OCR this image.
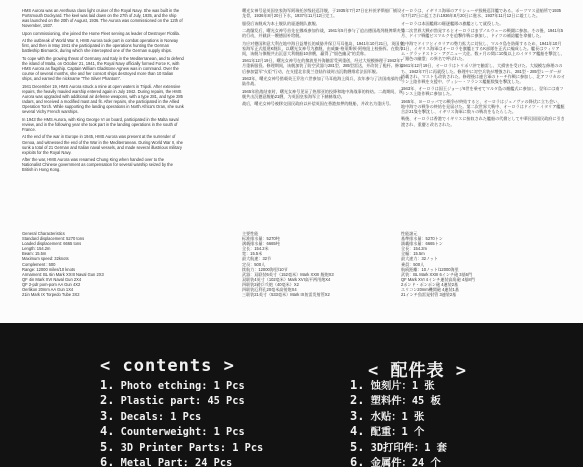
HMS Aurora was an Arethusa class light cruiser of the Royal Navy. She was built in the Portsmouth Dockyard. The keel was laid down on the 27th of July, 1935, and the ship was launched on the 20th of August, 1936. The Aurora was commissioned on the 12th of November, 1937.

Upon commissioning, she joined the Home Fleet serving as leader of Destroyer Flotilla.

At the outbreak of World War II, HMS Aurora took part in combat operations in Norway first, and then in May 1941 she participated in the operations hunting the German battleship Bismarck, during which she intercepted one of the German supply ships.

To cope with the growing threat of Germany and Italy in the Mediterranean, and to defend the island of Malta, on October 21, 1941, the Royal Navy officially formed Force K, with HMS Aurora as flagship. Captain William Gladstone Agnew was in command. Over the course of several months, she and her consort ships destroyed more than 10 Italian ships, and earned the nickname "The Silver Phantom".

1941 December 19, HMS Aurora struck a mine at open waters in Tripoli. After extensive repairs, the heavily mauled warship entered again in July 1942. During repairs, the HMS Aurora was upgraded with additional air defense weapons, with a type 281, and type 285 radars, and received a modified mast and fit. After repairs, she participated in the Allied Operation Torch. While supporting the landing operations in North Africa's Oran, she sunk several Vichy French warships.

In 1943 the HMS Aurora, with King George VI on board, participated in the Malta naval review, and in the following year she took part in the landing operations in the south of France.

At the end of the war in Europe in 1945, HMS Aurora was present at the surrender of Genoa, and witnessed the end of the War in the Mediterranean. During World War II, she sunk a total of 21 German and Italian naval vessels, and made several illustrious military exploits for the Royal Navy.

After the war, HMS Aurora was renamed Chung King when handed over to the Nationalist Chinese government as compensation for several warship seized by the British in Hong Kong.

曙光女神号是英国皇家海军阿瑞托莎级轻巡洋舰，于1935年7月27日在朴茨茅斯船厂铺设龙骨，1936年8月20日下水，1937年11月12日完工。

服役后该舰成为本土舰队的驱逐舰队旗舰。

二战爆发后，曙光女神号首先在挪威参加作战，1941年5月参与了追击德国战列舰俾斯麦号的行动，并截获一艘德国补给舰。

为应对德国和意大利在地中海日益增长的威胁并保卫马耳他岛，1941年10月21日，英国皇家海军正式组建K舰队，以曙光女神号为旗舰，由威廉·格莱斯顿·阿格纽上校指挥。在数月间，该舰与僚舰共击沉意大利舰船10余艘，赢得了"银色幽灵"的美称。

1941年12月19日，曙光女神号在的黎波里外海触雷受到重创，经过大规模修理于1942年7月重新服役。修理期间，该舰加装了防空武器与281型、285型雷达，并改装了桅杆。修复后参加盟军"火炬"行动，在支援北非奥兰登陆作战时击沉数艘维希法国军舰。

1943年，曙光女神号搭载英王乔治六世参加了马耳他海上阅兵，次年参与了法国南部的登陆作战。

1945年欧战结束时，曙光女神号见证了热那亚的投降和地中海战事的终结。二战期间，该舰共击沉德意舰船21艘，为英国皇家海军立下赫赫战功。

战后，曙光女神号被移交国民政府以补偿英国在香港扣押的舰船，并改名为重庆号。

オーロラは、イギリス海軍のアリシューザ級軽巡洋艦である。ポーツマス造船所で1935年7月27日に起工され1936年8月20日に進水、1937年11月12日に竣工した。

オーロラは本国艦隊の駆逐艦隊の旗艦として就役した。

第二次世界大戦が勃発するとオーロラはまずノルウェーの戦闘に参加。その後、1941年5月、ドイツ戦艦ビスマルクを追撃作戦に参加し、ドイツの補給艦を拿捕した。

地中海でドイツとイタリアの勢力拡大に対抗し、マルタ島を防衛するため、1941年10月21日、イギリス海軍はオーロラを旗艦とするK部隊を正式に編成した。艦長はウィリアム・グラッドストン・アグニュー大佐。数ヶ月の間に10隻以上のイタリア艦船を撃沈し、「銀色の幽霊」の異名で呼ばれた。

1941年12月19日、オーロラはトリポリ沖で触雷し、大損害を受けた。大規模な修理ののち、1942年7月に再就役した。修理中に対空兵装が増強され、281型・285型レーダーが搭載され、マストも改装された。修理後は連合軍のトーチ作戦に参加し、北アフリカのオラン上陸作戦を支援中、ヴィシー・フランス艦艇数隻を撃沈した。

1943年、オーロラは国王ジョージ6世を乗せてマルタ島の観艦式に参加し、翌年には南フランス上陸作戦に参加した。

1945年、ヨーロッパでの戦争が終結すると、オーロラはジェノヴァの降伏に立ち会い、地中海での戦争の終結を見届けた。第二次世界大戦中、オーロラはドイツ・イタリア艦艇合計21隻を撃沈し、イギリス海軍に数々の戦功をもたらした。

戦後、オーロラは香港でイギリスに接収された艦船の代償として中華民国国民政府に引き渡され、重慶と改名された。

General Characteristics
Standard displacement: 5270 tons
Loaded displacement: 6665 tons
Length: 154.2m
Beam: 15.5m
Maximum speed: 32knots
Complement : 500
Range: 12000 miles/10 knots
Armament: BL 6in Mark XXIII Naval Gun 2X3
QF 4in Mark XVI Naval Gun 2X4
QF 2-pdr pom-pom AA Gun 4X2
Oerlikon 20mm AA Gun 1X4
21in Mark IX Torpedo Tube 3X2
主要性能
标准排水量：5270吨
满载排水量：6665吨
全长：154.2米
宽：15.5米
最大航速：32节
定员：500人
续航力：12000海里/10节
武器：双联装6英寸（152毫米）Mark XXIII 舰炮X3
双联装4英寸（102毫米）Mark XVI高平两用炮X4
四联装2磅乒乓炮（40毫米）X2
四联装厄利孔20毫米高射炮X4
三联装21英寸（533毫米）Mark IX鱼雷发射管X2
性能諸元
基準排水量：5270トン
満載排水量：6665トン
全長：154.2m
全幅：15.5m
最大速力：32ノット
乗員：500人
航続距離：10ノット/12000海里
武装：BL Mark XXIII 6インチ砲 3基6門
QF Mark XVI 4インチ連装高角砲 4基8門
2ポンド・ポンポン砲 4連装2基
エリコン20mm機関砲 4連装1基
21インチ魚雷発射管 3連装2基
< contents >
1. Photo etching: 1 Pcs
2. Plastic part: 45 Pcs
3. Decals: 1 Pcs
4. Counterweight: 1 Pcs
5. 3D Printer Parts: 1 Pcs
6. Metal Part: 24 Pcs
< 配件表 >
1. 蚀刻片：1 张
2. 塑料件：45 板
3. 水贴：1 张
4. 配重：1 个
5. 3D打印件：1 套
6. 金属件：24 个
